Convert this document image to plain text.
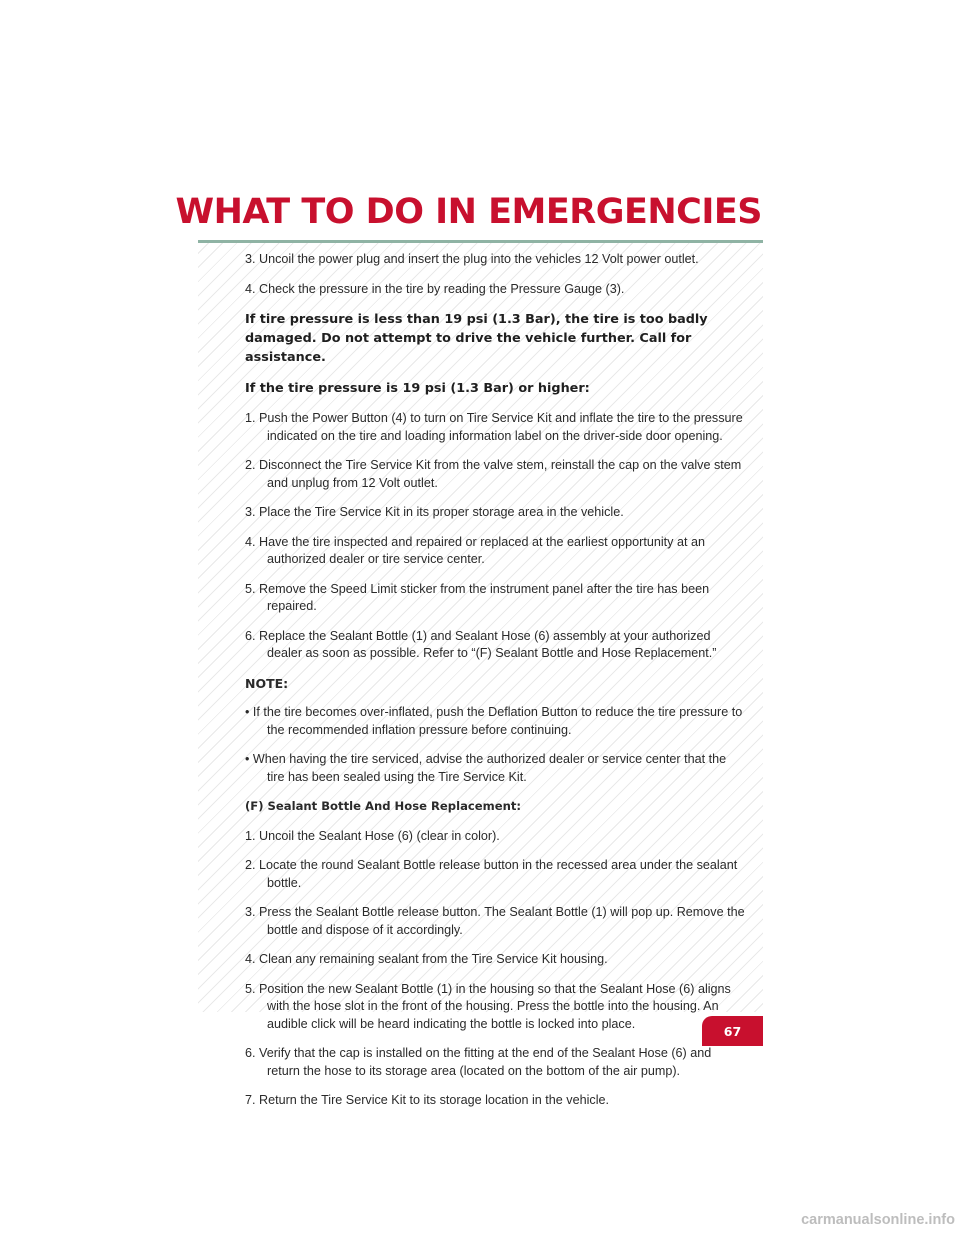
WHAT TO DO IN EMERGENCIES

3. Uncoil the power plug and insert the plug into the vehicles 12 Volt power outlet.

4. Check the pressure in the tire by reading the Pressure Gauge (3).

If tire pressure is less than 19 psi (1.3 Bar), the tire is too badly damaged. Do not attempt to drive the vehicle further. Call for assistance.

If the tire pressure is 19 psi (1.3 Bar) or higher:

1. Push the Power Button (4) to turn on Tire Service Kit and inflate the tire to the pressure indicated on the tire and loading information label on the driver-side door opening.

2. Disconnect the Tire Service Kit from the valve stem, reinstall the cap on the valve stem and unplug from 12 Volt outlet.

3. Place the Tire Service Kit in its proper storage area in the vehicle.

4. Have the tire inspected and repaired or replaced at the earliest opportunity at an authorized dealer or tire service center.

5. Remove the Speed Limit sticker from the instrument panel after the tire has been repaired.

6. Replace the Sealant Bottle (1) and Sealant Hose (6) assembly at your authorized dealer as soon as possible. Refer to “(F) Sealant Bottle and Hose Replacement.”

NOTE:

• If the tire becomes over-inflated, push the Deflation Button to reduce the tire pressure to the recommended inflation pressure before continuing.

• When having the tire serviced, advise the authorized dealer or service center that the tire has been sealed using the Tire Service Kit.

(F) Sealant Bottle And Hose Replacement:

1. Uncoil the Sealant Hose (6) (clear in color).

2. Locate the round Sealant Bottle release button in the recessed area under the sealant bottle.

3. Press the Sealant Bottle release button. The Sealant Bottle (1) will pop up. Remove the bottle and dispose of it accordingly.

4. Clean any remaining sealant from the Tire Service Kit housing.

5. Position the new Sealant Bottle (1) in the housing so that the Sealant Hose (6) aligns with the hose slot in the front of the housing. Press the bottle into the housing. An audible click will be heard indicating the bottle is locked into place.

6. Verify that the cap is installed on the fitting at the end of the Sealant Hose (6) and return the hose to its storage area (located on the bottom of the air pump).

7. Return the Tire Service Kit to its storage location in the vehicle.

67
carmanualsonline.info
